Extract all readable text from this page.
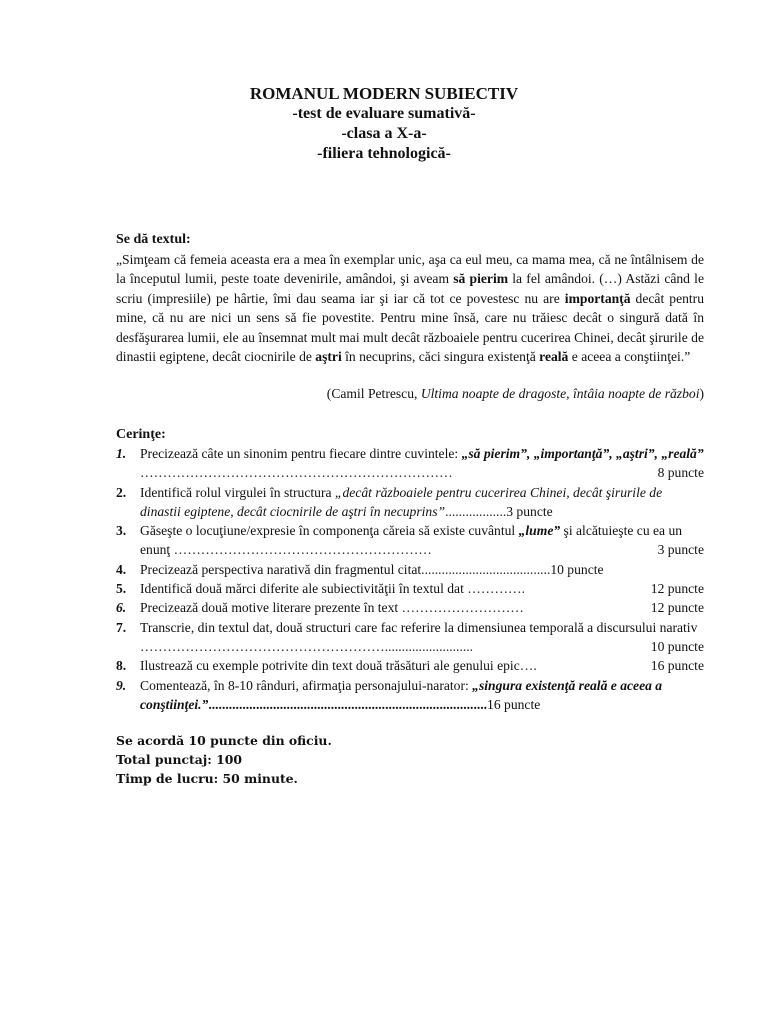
ROMANUL MODERN SUBIECTIV
-test de evaluare sumativă-
-clasa a X-a-
-filiera tehnologică-
Se dă textul:
„Simţeam că femeia aceasta era a mea în exemplar unic, aşa ca eul meu, ca mama mea, că ne întâlnisem de la începutul lumii, peste toate devenirile, amândoi, şi aveam să pierim la fel amândoi. (…) Astăzi când le scriu (impresiile) pe hârtie, îmi dau seama iar şi iar că tot ce povestesc nu are importanţă decât pentru mine, că nu are nici un sens să fie povestite. Pentru mine însă, care nu trăiesc decât o singură dată în desfăşurarea lumii, ele au însemnat mult mai mult decât războaiele pentru cucerirea Chinei, decât şirurile de dinastii egiptene, decât ciocnirile de aştri în necuprins, căci singura existenţă reală e aceea a conştiinţei.”
(Camil Petrescu, Ultima noapte de dragoste, întâia noapte de război)
Cerinţe:
1. Precizează câte un sinonim pentru fiecare dintre cuvintele: „să pierim”, „importanţă”, „aştri”, „reală” ……………………………………………………………	8 puncte
2. Identifică rolul virgulei în structura „decât războaiele pentru cucerirea Chinei, decât şirurile de dinastii egiptene, decât ciocnirile de aştri în necuprins”..................3 puncte
3. Găseşte o locuţiune/expresie în componenţa căreia să existe cuvântul „lume” şi alcătuieşte cu ea un enunţ …………………………………………………	3 puncte
4. Precizează perspectiva narativă din fragmentul citat......................................10 puncte
5. Identifică două mărci diferite ale subiectivităţii în textul dat ………….	12 puncte
6. Precizează două motive literare prezente în text ………………………	12 puncte
7. Transcrie, din textul dat, două structuri care fac referire la dimensiunea temporală a discursului narativ ………………………………………………..........................	10 puncte
8. Ilustrează cu exemple potrivite din text două trăsături ale genului epic….	16 puncte
9. Comentează, în 8-10 rânduri, afirmaţia personajului-narator: „singura existenţă reală e aceea a conştiinţei.”..................................................................................16 puncte
Se acordă 10 puncte din oficiu.
Total punctaj: 100
Timp de lucru: 50 minute.
